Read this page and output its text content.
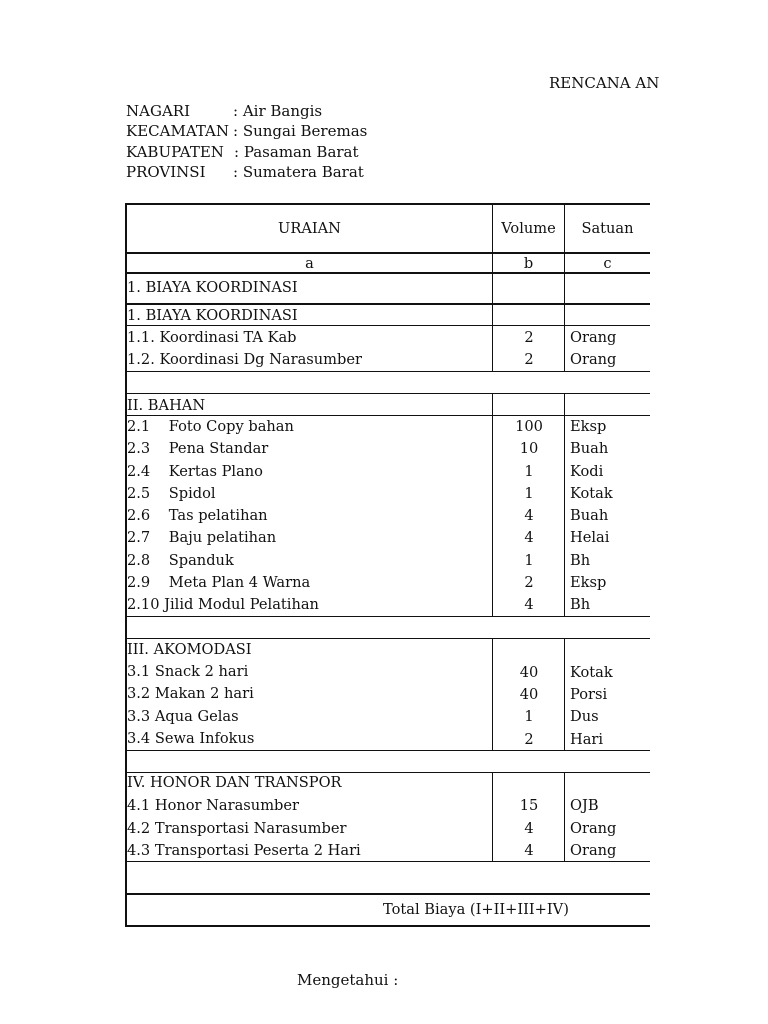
RENCANA AN
NAGARI	: Air Bangis
KECAMATAN : Sungai Beremas
KABUPATEN : Pasaman Barat
PROVINSI : Sumatera Barat
URAIAN	Volume	Satuan
a	b	c
1. BIAYA KOORDINASI
1. BIAYA KOORDINASI
1.1. Koordinasi TA Kab	2	Orang
1.2. Koordinasi Dg Narasumber	2	Orang
II. BAHAN
2.1    Foto Copy bahan	100	Eksp
2.3    Pena Standar	10	Buah
2.4    Kertas Plano	1	Kodi
2.5    Spidol	1	Kotak
2.6    Tas pelatihan	4	Buah
2.7    Baju pelatihan	4	Helai
2.8    Spanduk	1	Bh
2.9    Meta Plan 4 Warna	2	Eksp
2.10 Jilid Modul Pelatihan	4	Bh
III. AKOMODASI
3.1 Snack 2 hari	40	Kotak
3.2 Makan 2 hari	40	Porsi
3.3 Aqua Gelas	1	Dus
3.4 Sewa Infokus	2	Hari
IV. HONOR DAN TRANSPOR
4.1 Honor Narasumber	15	OJB
4.2 Transportasi Narasumber	4	Orang
4.3 Transportasi Peserta 2 Hari	4	Orang
Total Biaya (I+II+III+IV)
Mengetahui :
